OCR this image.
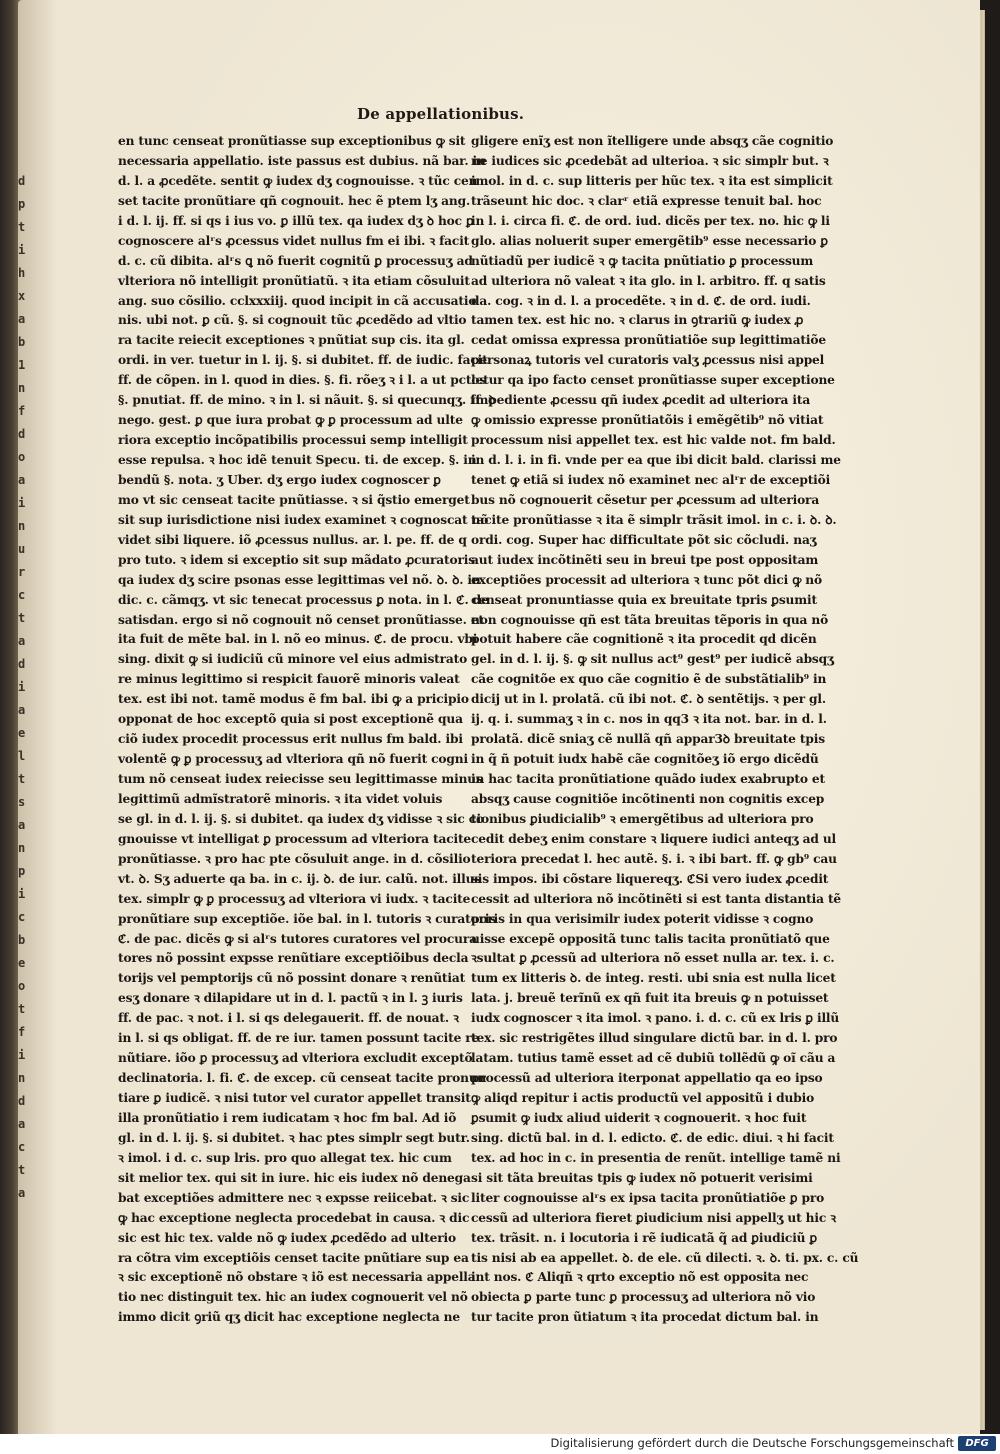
d
p
t
i
h
x
a
b
1
n
f
d
o
a
i
n
u
r
c
t
a
d
i
a
e
l
t
s
a
n
p
i
c
b
e
o
t
f
i
n
d
a
c
t
a
De appellationibus.
en tunc censeat pronũtiasse sup exceptionibus ꝙ sit
necessaria appellatio. iste passus est dubius. nã bar. in
d. l. a ꝓcedẽte. sentit ꝙ iudex dʒ cognouisse. ꝛ tũc cen
set tacite pronũtiare qñ cognouit. hec ẽ ptem lʒ ang.
i d. l. ij. ff. si qs i ius vo. ꝑ illũ tex. qa iudex dʒ ꝺ hoc ꝑ
cognoscere alʳs ꝓcessus videt nullus fm ei ibi. ꝛ facit
d. c. cũ dibita. alʳs ꝗ nõ fuerit cognitũ ꝑ processuʒ ad
vlteriora nõ intelligit pronũtiatũ. ꝛ ita etiam cõsuluit
ang. suo cõsilio. cclxxxiij. quod incipit in cã accusatio
nis. ubi not. ꝑ cũ. §. si cognouit tũc ꝓcedẽdo ad vltio
ra tacite reiecit exceptiones ꝛ pnũtiat sup cis. ita gl.
ordi. in ver. tuetur in l. ij. §. si dubitet. ff. de iudic. facit
ff. de cõpen. in l. quod in dies. §. fi. rõeʒ ꝛ i l. a ut pctos
§. pnutiat. ff. de mino. ꝛ in l. si nãuit. §. si quecunqʒ. ff. ꝺ
nego. gest. ꝑ que iura probat ꝙ ꝑ processum ad ulte
riora exceptio incõpatibilis processui semp intelligit
esse repulsa. ꝛ hoc idẽ tenuit Specu. ti. de excep. §. in
bendũ §. nota. ʒ Uber. dʒ ergo iudex cognoscer ꝑ
mo vt sic censeat tacite pnũtiasse. ꝛ si q̃stio emerget
sit sup iurisdictione nisi iudex examinet ꝛ cognoscat nõ
videt sibi liquere. iõ ꝓcessus nullus. ar. l. pe. ff. de q
pro tuto. ꝛ idem si exceptio sit sup mãdato ꝓcuratoris
qa iudex dʒ scire psonas esse legittimas vel nõ. ꝺ. ꝺ. in
dic. c. cãmqʒ. vt sic tenecat processus ꝑ nota. in l. ℭ. de
satisdan. ergo si nõ cognouit nõ censet pronũtiasse. et
ita fuit de mẽte bal. in l. nõ eo minus. ℭ. de procu. vbi
sing. dixit ꝙ si iudiciũ cũ minore vel eius admistrato
re minus legittimo si respicit fauorẽ minoris valeat
tex. est ibi not. tamẽ modus ẽ fm bal. ibi ꝙ a pricipio
opponat de hoc exceptõ quia si post exceptionẽ qua
ciõ iudex procedit processus erit nullus fm bald. ibi
volentẽ ꝙ ꝑ processuʒ ad vlteriora qñ nõ fuerit cogni
tum nõ censeat iudex reiecisse seu legittimasse minus
legittimũ admĩstratorẽ minoris. ꝛ ita videt voluis
se gl. in d. l. ij. §. si dubitet. qa iudex dʒ vidisse ꝛ sic co
gnouisse vt intelligat ꝑ processum ad vlteriora tacite
pronũtiasse. ꝛ pro hac pte cõsuluit ange. in d. cõsilio
vt. ꝺ. Sʒ aduerte qa ba. in c. ij. ꝺ. de iur. calũ. not. illus
tex. simplr ꝙ ꝑ processuʒ ad vlteriora vi iudx. ꝛ tacite
pronũtiare sup exceptiõe. iõe bal. in l. tutoris ꝛ curatoris
ℭ. de pac. dicẽs ꝙ si alʳs tutores curatores vel procura
tores nõ possint expsse renũtiare exceptiõibus decla
torijs vel pemptorijs cũ nõ possint donare ꝛ renũtiat
esʒ donare ꝛ dilapidare ut in d. l. pactũ ꝛ in l. ꝫ iuris
ff. de pac. ꝛ not. i l. si qs delegauerit. ff. de nouat. ꝛ
in l. si qs obligat. ff. de re iur. tamen possunt tacite re
nũtiare. iõo ꝑ processuʒ ad vlteriora excludit exceptõ
declinatoria. l. fi. ℭ. de excep. cũ censeat tacite pronun
tiare ꝑ iudicẽ. ꝛ nisi tutor vel curator appellet transit
illa pronũtiatio i rem iudicatam ꝛ hoc fm bal. Ad iõ
gl. in d. l. ij. §. si dubitet. ꝛ hac ptes simplr segt butr.
ꝛ imol. i d. c. sup lris. pro quo allegat tex. hic cum
sit melior tex. qui sit in iure. hic eis iudex nõ denega
bat exceptiões admittere nec ꝛ expsse reiicebat. ꝛ sic
ꝙ hac exceptione neglecta procedebat in causa. ꝛ dic
sic est hic tex. valde nõ ꝙ iudex ꝓcedẽdo ad ulterio
ra cõtra vim exceptiõis censet tacite pnũtiare sup ea
ꝛ sic exceptionẽ nõ obstare ꝛ iõ est necessaria appella
tio nec distinguit tex. hic an iudex cognouerit vel nõ
immo dicit ꝯriũ qʒ dicit hac exceptione neglecta ne
gligere enĩʒ est non ĩtelligere unde absqʒ cãe cognitio
ne iudices sic ꝓcedebãt ad ulterioa. ꝛ sic simplr but. ꝛ
imol. in d. c. sup litteris per hũc tex. ꝛ ita est simplicit
trãseunt hic doc. ꝛ clarʳ etiã expresse tenuit bal. hoc
in l. i. circa fi. ℭ. de ord. iud. dicẽs per tex. no. hic ꝙ li
glo. alias noluerit super emergẽtib⁹ esse necessario ꝑ
nũtiadũ per iudicẽ ꝛ ꝙ tacita pnũtiatio ꝑ processum
ad ulteriora nõ valeat ꝛ ita glo. in l. arbitro. ff. q satis
da. cog. ꝛ in d. l. a procedẽte. ꝛ in d. ℭ. de ord. iudi.
tamen tex. est hic no. ꝛ clarus in ꝯtrariũ ꝙ iudex ꝓ
cedat omissa expressa pronũtiatiõe sup legittimatiõe
personaꝝ tutoris vel curatoris valʒ ꝓcessus nisi appel
letur qa ipo facto censet pronũtiasse super exceptione
impediente ꝓcessu qñ iudex ꝓcedit ad ulteriora ita
ꝙ omissio expresse pronũtiatõis i emẽgẽtib⁹ nõ vitiat
processum nisi appellet tex. est hic valde not. fm bald.
in d. l. i. in fi. vnde per ea que ibi dicit bald. clarissi me
tenet ꝙ etiã si iudex nõ examinet nec alʳr de exceptiõi
bus nõ cognouerit cẽsetur per ꝓcessum ad ulteriora
tacite pronũtiasse ꝛ ita ẽ simplr trãsit imol. in c. i. ꝺ. ꝺ.
ordi. cog. Super hac difficultate põt sic cõcludi. naʒ
aut iudex incõtinẽti seu in breui tpe post oppositam
exceptiões processit ad ulteriora ꝛ tunc põt dici ꝙ nõ
censeat pronuntiasse quia ex breuitate tpris ꝑsumit
non cognouisse qñ est tãta breuitas tẽporis in qua nõ
potuit habere cãe cognitionẽ ꝛ ita procedit qd dicẽn
gel. in d. l. ij. §. ꝙ sit nullus act⁹ gest⁹ per iudicẽ absqʒ
cãe cognitõe ex quo cãe cognitio ẽ de substãtialib⁹ in
dicij ut in l. prolatã. cũ ibi not. ℭ. ꝺ sentẽtijs. ꝛ per gl.
ij. q. i. summaʒ ꝛ in c. nos in qq3 ꝛ ita not. bar. in d. l.
prolatã. dicẽ sniaʒ cẽ nullã qñ appar3ꝺ breuitate tpis
in q̃ ñ potuit iudx habẽ cãe cognitõeʒ iõ ergo dicẽdũ
in hac tacita pronũtiatione quãdo iudex exabrupto et
absqʒ cause cognitiõe incõtinenti non cognitis excep
tionibus ꝑiudicialib⁹ ꝛ emergẽtibus ad ulteriora pro
cedit debeʒ enim constare ꝛ liquere iudici anteqʒ ad ul
teriora precedat l. hec autẽ. §. i. ꝛ ibi bart. ff. ꝙ gb⁹ cau
sis impos. ibi cõstare liquereqʒ. ℭSi vero iudex ꝓcedit
cessit ad ulteriora nõ incõtinẽti si est tanta distantia tẽ
poris in qua verisimilr iudex poterit vidisse ꝛ cogno
uisse excepẽ oppositã tunc talis tacita pronũtiatõ que
ꝛsultat ꝑ ꝓcessũ ad ulteriora nõ esset nulla ar. tex. i. c.
tum ex litteris ꝺ. de integ. resti. ubi snia est nulla licet
lata. j. breuẽ terĩnũ ex qñ fuit ita breuis ꝙ n potuisset
iudx cognoscer ꝛ ita imol. ꝛ pano. i. d. c. cũ ex lris ꝑ illũ
tex. sic restrigẽtes illud singulare dictũ bar. in d. l. pro
latam. tutius tamẽ esset ad cẽ dubiũ tollẽdũ ꝙ oĩ cãu a
processũ ad ulteriora iterponat appellatio qa eo ipso
ꝙ aliqd repitur i actis productũ vel appositũ i dubio
ꝑsumit ꝙ iudx aliud uiderit ꝛ cognouerit. ꝛ hoc fuit
sing. dictũ bal. in d. l. edicto. ℭ. de edic. diui. ꝛ hi facit
tex. ad hoc in c. in presentia de renũt. intellige tamẽ ni
si sit tãta breuitas tpis ꝙ iudex nõ potuerit verisimi
liter cognouisse alʳs ex ipsa tacita pronũtiatiõe ꝑ pro
cessũ ad ulteriora fieret ꝑiudicium nisi appellʒ ut hic ꝛ
tex. trãsit. n. i locutoria i rẽ iudicatã q̃ ad ꝑiudiciũ ꝑ
tis nisi ab ea appellet. ꝺ. de ele. cũ dilecti. ꝛ. ꝺ. ti. px. c. cũ
int nos. ℭ Aliqñ ꝛ qrto exceptio nõ est opposita nec
obiecta ꝑ parte tunc ꝑ processuʒ ad ulteriora nõ vio
tur tacite pron ũtiatum ꝛ ita procedat dictum bal. in
Digitalisierung gefördert durch die Deutsche Forschungsgemeinschaft	DFG
